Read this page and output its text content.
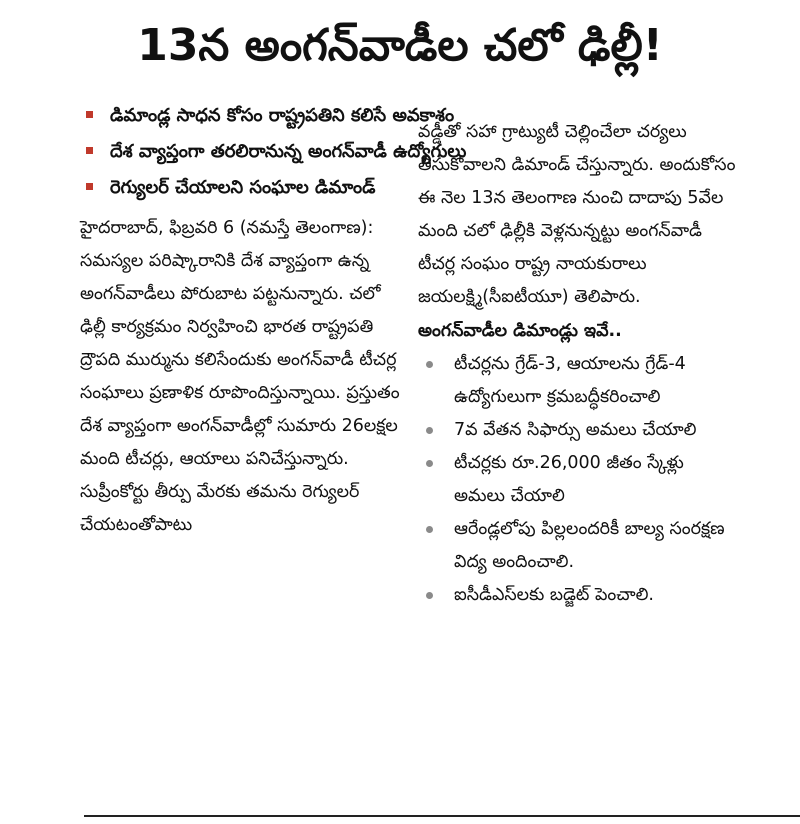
13న అంగన్‌వాడీల చలో ఢిల్లీ!
డిమాండ్ల సాధన కోసం రాష్ట్రపతిని కలిసే అవకాశం
దేశ వ్యాప్తంగా తరలిరానున్న అంగన్‌వాడీ ఉద్యోగులు
రెగ్యులర్‌ చేయాలని సంఘాల డిమాండ్‌

హైదరాబాద్‌, ఫిబ్రవరి 6 (నమస్తే తెలంగాణ): సమస్యల పరిష్కారానికి దేశ వ్యాప్తంగా ఉన్న అంగన్‌వాడీలు పోరుబాట పట్టనున్నారు. చలో ఢిల్లీ కార్యక్రమం నిర్వహించి భారత రాష్ట్రపతి ద్రౌపది ముర్మును కలిసేందుకు అంగన్‌వాడీ టీచర్ల సంఘాలు ప్రణాళిక రూపొందిస్తున్నాయి. ప్రస్తుతం దేశ వ్యాప్తంగా అంగన్‌వాడీల్లో సుమారు 26లక్షల మంది టీచర్లు, ఆయాలు పనిచేస్తున్నారు. సుప్రీంకోర్టు తీర్పు మేరకు తమను రెగ్యులర్‌ చేయటంతోపాటు

వడ్డీతో సహా గ్రాట్యుటీ చెల్లించేలా చర్యలు తీసుకోవాలని డిమాండ్‌ చేస్తున్నారు. అందుకోసం ఈ నెల 13న తెలంగాణ నుంచి దాదాపు 5వేల మంది చలో ఢిల్లీకి వెళ్లనున్నట్టు అంగన్‌వాడీ టీచర్ల సంఘం రాష్ట్ర నాయకురాలు జయలక్ష్మి(సీఐటీయూ) తెలిపారు.

అంగన్‌వాడీల డిమాండ్లు ఇవే..

టీచర్లను గ్రేడ్‌-3, ఆయాలను గ్రేడ్‌-4 ఉద్యోగులుగా క్రమబద్ధీకరించాలి
7వ వేతన సిఫార్సు అమలు చేయాలి
టీచర్లకు రూ.26,000 జీతం స్కేళ్లు అమలు చేయాలి
ఆరేండ్లలోపు పిల్లలందరికీ బాల్య సంరక్షణ విద్య అందించాలి.
ఐసీడీఎస్‌లకు బడ్జెట్‌ పెంచాలి.
